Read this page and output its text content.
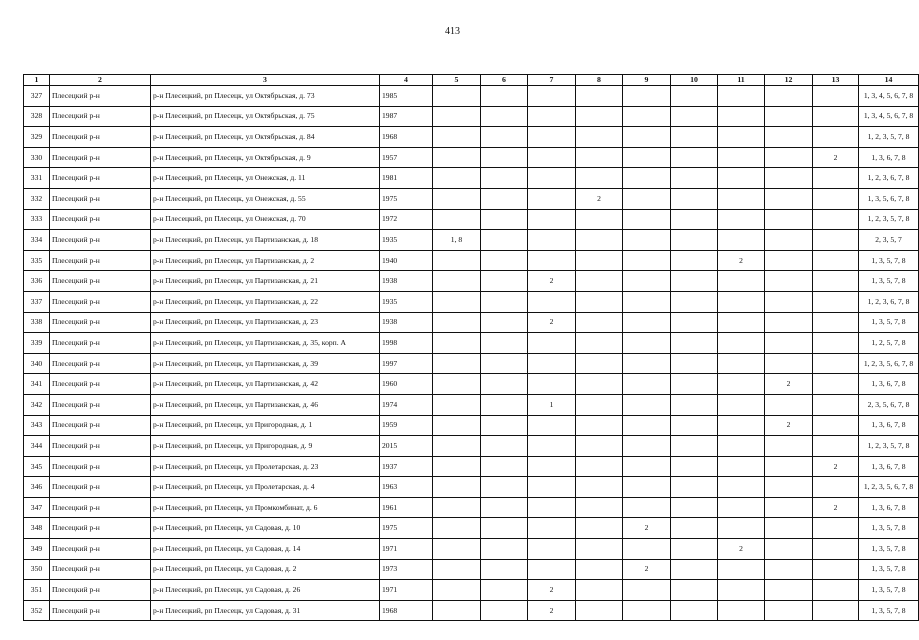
413
1	2	3	4	5	6	7	8	9	10	11	12	13	14
327	Плесецкий р-н	р-н Плесецкий, рп Плесецк, ул Октябрьская, д. 73	1985										1, 3, 4, 5, 6, 7, 8
328	Плесецкий р-н	р-н Плесецкий, рп Плесецк, ул Октябрьская, д. 75	1987										1, 3, 4, 5, 6, 7, 8
329	Плесецкий р-н	р-н Плесецкий, рп Плесецк, ул Октябрьская, д. 84	1968										1, 2, 3, 5, 7, 8
330	Плесецкий р-н	р-н Плесецкий, рп Плесецк, ул Октябрьская, д. 9	1957									2	1, 3, 6, 7, 8
331	Плесецкий р-н	р-н Плесецкий, рп Плесецк, ул Онежская, д. 11	1981										1, 2, 3, 6, 7, 8
332	Плесецкий р-н	р-н Плесецкий, рп Плесецк, ул Онежская, д. 55	1975				2						1, 3, 5, 6, 7, 8
333	Плесецкий р-н	р-н Плесецкий, рп Плесецк, ул Онежская, д. 70	1972										1, 2, 3, 5, 7, 8
334	Плесецкий р-н	р-н Плесецкий, рп Плесецк, ул Партизанская, д. 18	1935	1, 8									2, 3, 5, 7
335	Плесецкий р-н	р-н Плесецкий, рп Плесецк, ул Партизанская, д. 2	1940							2			1, 3, 5, 7, 8
336	Плесецкий р-н	р-н Плесецкий, рп Плесецк, ул Партизанская, д. 21	1938			2							1, 3, 5, 7, 8
337	Плесецкий р-н	р-н Плесецкий, рп Плесецк, ул Партизанская, д. 22	1935										1, 2, 3, 6, 7, 8
338	Плесецкий р-н	р-н Плесецкий, рп Плесецк, ул Партизанская, д. 23	1938			2							1, 3, 5, 7, 8
339	Плесецкий р-н	р-н Плесецкий, рп Плесецк, ул Партизанская, д. 35, корп. А	1998										1, 2, 5, 7, 8
340	Плесецкий р-н	р-н Плесецкий, рп Плесецк, ул Партизанская, д. 39	1997										1, 2, 3, 5, 6, 7, 8
341	Плесецкий р-н	р-н Плесецкий, рп Плесецк, ул Партизанская, д. 42	1960								2		1, 3, 6, 7, 8
342	Плесецкий р-н	р-н Плесецкий, рп Плесецк, ул Партизанская, д. 46	1974			1							2, 3, 5, 6, 7, 8
343	Плесецкий р-н	р-н Плесецкий, рп Плесецк, ул Пригородная, д. 1	1959								2		1, 3, 6, 7, 8
344	Плесецкий р-н	р-н Плесецкий, рп Плесецк, ул Пригородная, д. 9	2015										1, 2, 3, 5, 7, 8
345	Плесецкий р-н	р-н Плесецкий, рп Плесецк, ул Пролетарская, д. 23	1937									2	1, 3, 6, 7, 8
346	Плесецкий р-н	р-н Плесецкий, рп Плесецк, ул Пролетарская, д. 4	1963										1, 2, 3, 5, 6, 7, 8
347	Плесецкий р-н	р-н Плесецкий, рп Плесецк, ул Промкомбинат, д. 6	1961									2	1, 3, 6, 7, 8
348	Плесецкий р-н	р-н Плесецкий, рп Плесецк, ул Садовая, д. 10	1975					2					1, 3, 5, 7, 8
349	Плесецкий р-н	р-н Плесецкий, рп Плесецк, ул Садовая, д. 14	1971							2			1, 3, 5, 7, 8
350	Плесецкий р-н	р-н Плесецкий, рп Плесецк, ул Садовая, д. 2	1973					2					1, 3, 5, 7, 8
351	Плесецкий р-н	р-н Плесецкий, рп Плесецк, ул Садовая, д. 26	1971			2							1, 3, 5, 7, 8
352	Плесецкий р-н	р-н Плесецкий, рп Плесецк, ул Садовая, д. 31	1968			2							1, 3, 5, 7, 8
